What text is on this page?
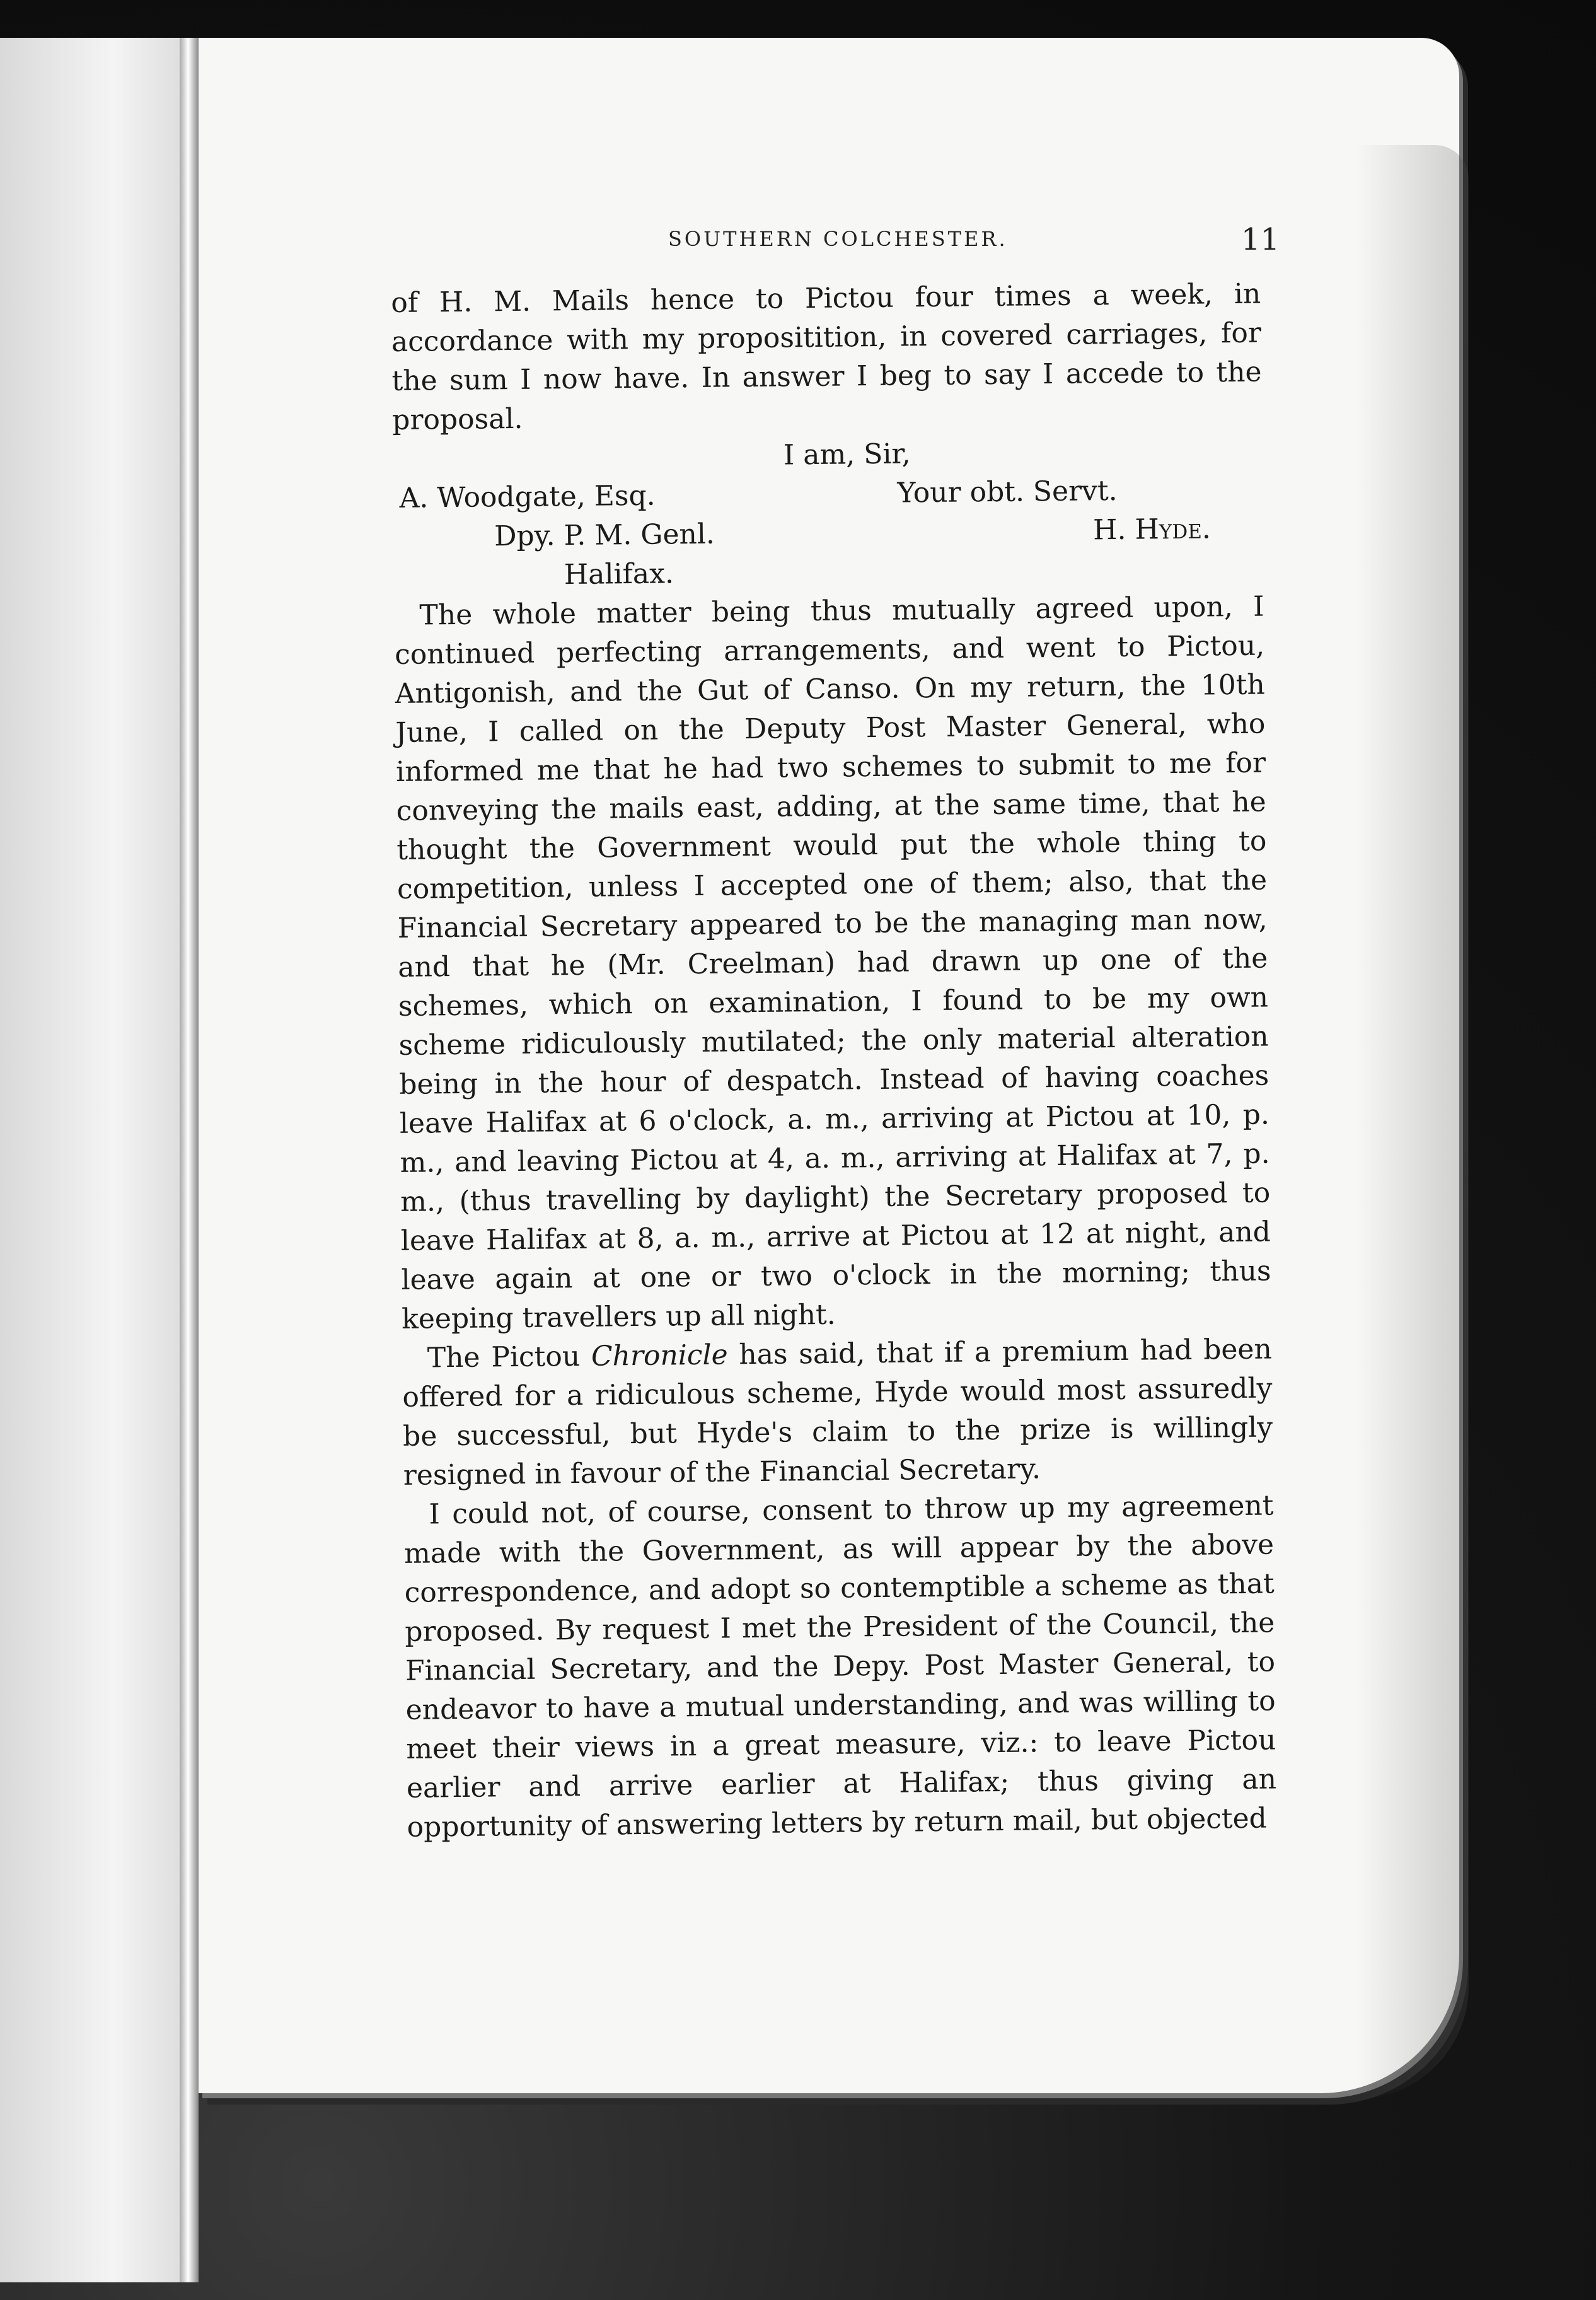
SOUTHERN COLCHESTER.	11

of H. M. Mails hence to Pictou four times a week, in accordance with my propositition, in covered carriages, for the sum I now have. In answer I beg to say I accede to the proposal.

I am, Sir,
A. Woodgate, Esq.	Your obt. Servt.
Dpy. P. M. Genl.	H. Hyde.
Halifax.

The whole matter being thus mutually agreed upon, I continued perfecting arrangements, and went to Pictou, Antigonish, and the Gut of Canso. On my return, the 10th June, I called on the Deputy Post Master General, who informed me that he had two schemes to submit to me for conveying the mails east, adding, at the same time, that he thought the Government would put the whole thing to competition, unless I accepted one of them; also, that the Financial Secretary appeared to be the managing man now, and that he (Mr. Creelman) had drawn up one of the schemes, which on examination, I found to be my own scheme ridiculously mutilated; the only material alteration being in the hour of despatch. Instead of having coaches leave Halifax at 6 o'clock, a. m., arriving at Pictou at 10, p. m., and leaving Pictou at 4, a. m., arriving at Halifax at 7, p. m., (thus travelling by daylight) the Secretary proposed to leave Halifax at 8, a. m., arrive at Pictou at 12 at night, and leave again at one or two o'clock in the morning; thus keeping travellers up all night.

The Pictou Chronicle has said, that if a premium had been offered for a ridiculous scheme, Hyde would most assuredly be successful, but Hyde's claim to the prize is willingly resigned in favour of the Financial Secretary.

I could not, of course, consent to throw up my agreement made with the Government, as will appear by the above correspondence, and adopt so contemptible a scheme as that proposed. By request I met the President of the Council, the Financial Secretary, and the Depy. Post Master General, to endeavor to have a mutual understanding, and was willing to meet their views in a great measure, viz.: to leave Pictou earlier and arrive earlier at Halifax; thus giving an opportunity of answering letters by return mail, but objected
